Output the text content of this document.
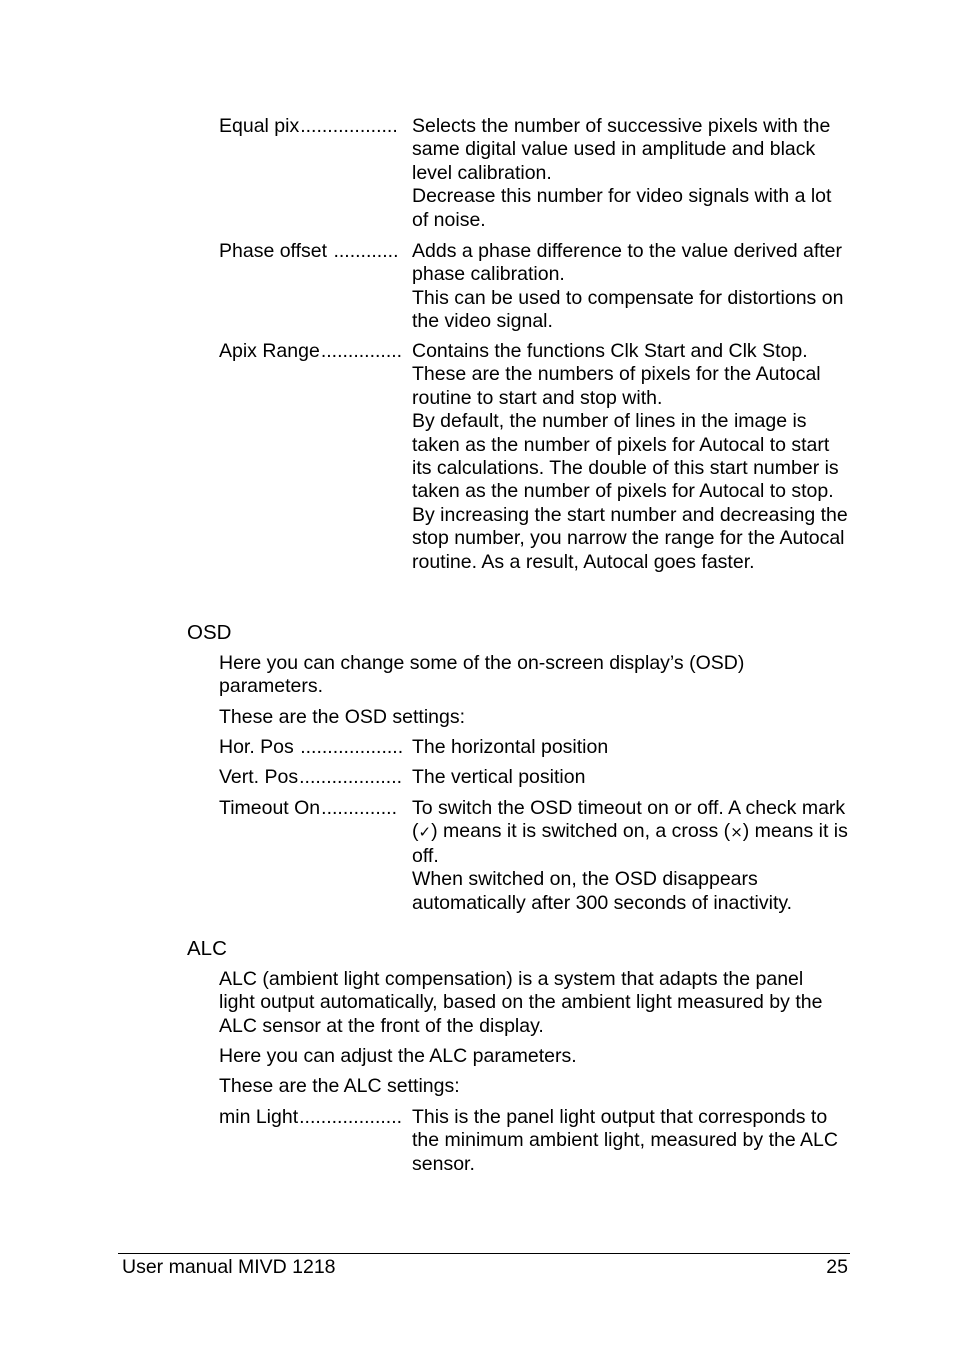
Equal pix.................. Selects the number of successive pixels with the same digital value used in amplitude and black level calibration.

Decrease this number for video signals with a lot of noise.

Phase offset ............ Adds a phase difference to the value derived after phase calibration.

This can be used to compensate for distortions on the video signal.

Apix Range............... Contains the functions Clk Start and Clk Stop. These are the numbers of pixels for the Autocal routine to start and stop with.

By default, the number of lines in the image is taken as the number of pixels for Autocal to start its calculations. The double of this start number is taken as the number of pixels for Autocal to stop. By increasing the start number and decreasing the stop number, you narrow the range for the Autocal routine. As a result, Autocal goes faster.

OSD
Here you can change some of the on-screen display’s (OSD) parameters.
These are the OSD settings:
Hor. Pos ................... The horizontal position

Vert. Pos................... The vertical position

Timeout On.............. To switch the OSD timeout on or off. A check mark (✓) means it is switched on, a cross (×) means it is off.

When switched on, the OSD disappears automatically after 300 seconds of inactivity.

ALC
ALC (ambient light compensation) is a system that adapts the panel light output automatically, based on the ambient light measured by the ALC sensor at the front of the display.
Here you can adjust the ALC parameters.
These are the ALC settings:
min Light................... This is the panel light output that corresponds to the minimum ambient light, measured by the ALC sensor.

User manual MIVD 1218	25
